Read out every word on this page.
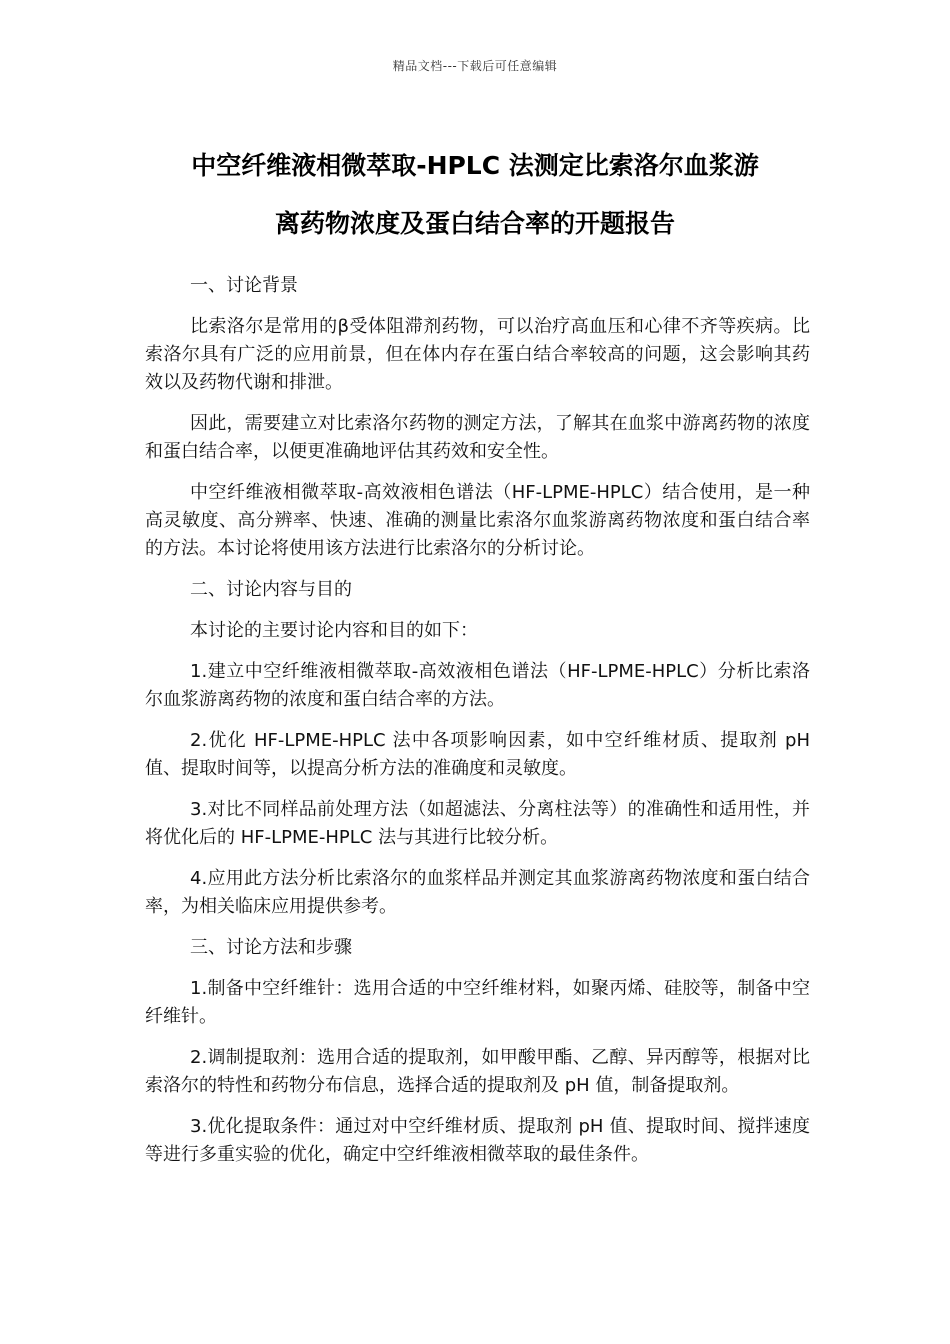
精品文档---下载后可任意编辑
中空纤维液相微萃取-HPLC 法测定比索洛尔血浆游
离药物浓度及蛋白结合率的开题报告

一、讨论背景

比索洛尔是常用的β受体阻滞剂药物，可以治疗高血压和心律不齐等疾病。比索洛尔具有广泛的应用前景，但在体内存在蛋白结合率较高的问题，这会影响其药效以及药物代谢和排泄。

因此，需要建立对比索洛尔药物的测定方法，了解其在血浆中游离药物的浓度和蛋白结合率，以便更准确地评估其药效和安全性。

中空纤维液相微萃取-高效液相色谱法（HF-LPME-HPLC）结合使用，是一种高灵敏度、高分辨率、快速、准确的测量比索洛尔血浆游离药物浓度和蛋白结合率的方法。本讨论将使用该方法进行比索洛尔的分析讨论。

二、讨论内容与目的

本讨论的主要讨论内容和目的如下：

1.建立中空纤维液相微萃取-高效液相色谱法（HF-LPME-HPLC）分析比索洛尔血浆游离药物的浓度和蛋白结合率的方法。

2.优化 HF-LPME-HPLC 法中各项影响因素，如中空纤维材质、提取剂 pH 值、提取时间等，以提高分析方法的准确度和灵敏度。

3.对比不同样品前处理方法（如超滤法、分离柱法等）的准确性和适用性，并将优化后的 HF-LPME-HPLC 法与其进行比较分析。

4.应用此方法分析比索洛尔的血浆样品并测定其血浆游离药物浓度和蛋白结合率，为相关临床应用提供参考。

三、讨论方法和步骤

1.制备中空纤维针：选用合适的中空纤维材料，如聚丙烯、硅胶等，制备中空纤维针。

2.调制提取剂：选用合适的提取剂，如甲酸甲酯、乙醇、异丙醇等，根据对比索洛尔的特性和药物分布信息，选择合适的提取剂及 pH 值，制备提取剂。

3.优化提取条件：通过对中空纤维材质、提取剂 pH 值、提取时间、搅拌速度等进行多重实验的优化，确定中空纤维液相微萃取的最佳条件。
